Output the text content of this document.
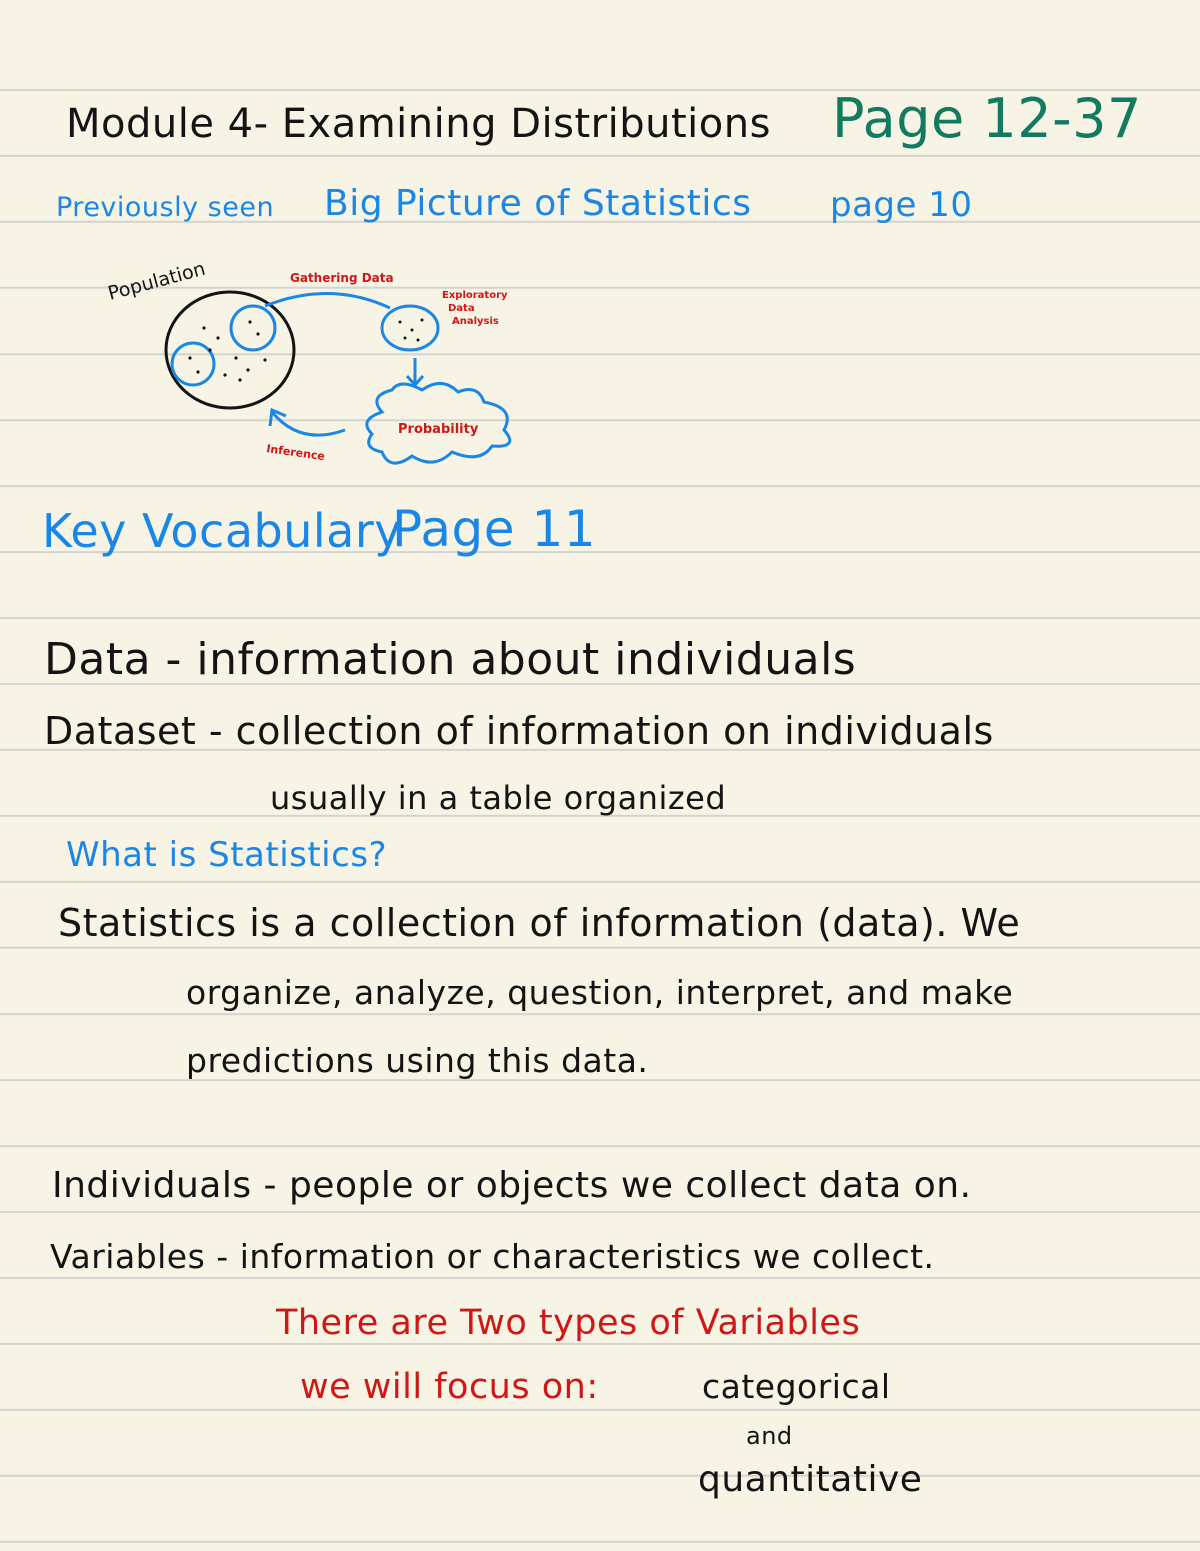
Module 4- Examining Distributions Page 12-37
Previously seen Big Picture of Statistics page 10
Population	Gathering Data
Exploratory
Data
Analysis
Probability
Inference
Key Vocabulary
Page 11
Data - information about individuals
Dataset - collection of information on individuals
usually in a table organized
What is Statistics?
Statistics is a collection of information (data). We
organize, analyze, question, interpret, and make
predictions using this data.
Individuals - people or objects we collect data on.
Variables - information or characteristics we collect.
There are Two types of Variables
we will focus on:	categorical
and
quantitative
